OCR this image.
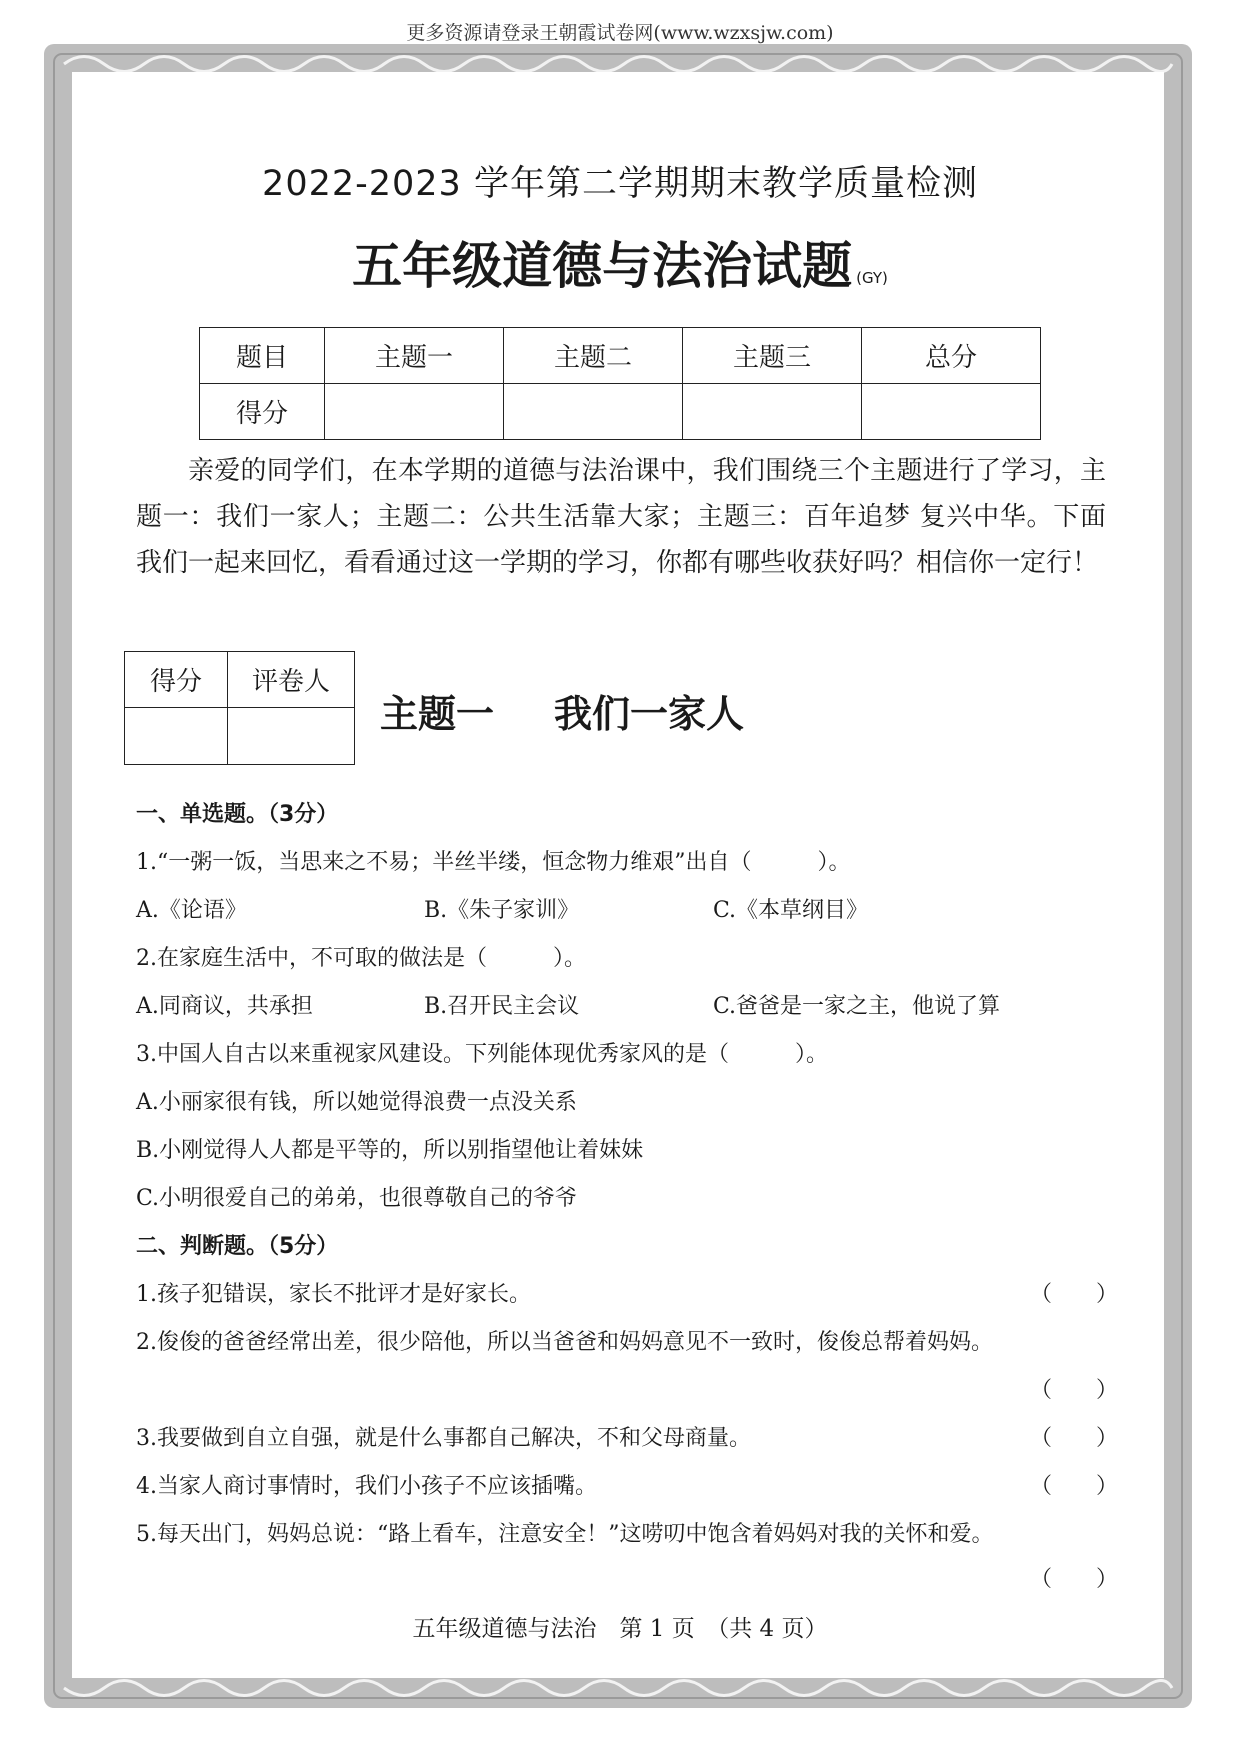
更多资源请登录王朝霞试卷网(www.wzxsjw.com)
2022-2023 学年第二学期期末教学质量检测
五年级道德与法治试题 (GY)
题目	主题一	主题二	主题三	总分
得分				
亲爱的同学们，在本学期的道德与法治课中，我们围绕三个主题进行了学习，主题一：我们一家人；主题二：公共生活靠大家；主题三：百年追梦 复兴中华。下面我们一起来回忆，看看通过这一学期的学习，你都有哪些收获好吗？相信你一定行！
得分	评卷人

主题一 我们一家人
一、单选题。（3分）
1.“一粥一饭，当思来之不易；半丝半缕，恒念物力维艰”出自（　　　）。
A.《论语》	B.《朱子家训》	C.《本草纲目》
2.在家庭生活中，不可取的做法是（　　　）。
A.同商议，共承担	B.召开民主会议	C.爸爸是一家之主，他说了算
3.中国人自古以来重视家风建设。下列能体现优秀家风的是（　　　）。
A.小丽家很有钱，所以她觉得浪费一点没关系
B.小刚觉得人人都是平等的，所以别指望他让着妹妹
C.小明很爱自己的弟弟，也很尊敬自己的爷爷
二、判断题。（5分）
1.孩子犯错误，家长不批评才是好家长。	（　　）
2.俊俊的爸爸经常出差，很少陪他，所以当爸爸和妈妈意见不一致时，俊俊总帮着妈妈。
（　　）
3.我要做到自立自强，就是什么事都自己解决，不和父母商量。	（　　）
4.当家人商讨事情时，我们小孩子不应该插嘴。	（　　）
5.每天出门，妈妈总说：“路上看车，注意安全！”这唠叨中饱含着妈妈对我的关怀和爱。
（　　）
五年级道德与法治　第 1 页　（共 4 页）
